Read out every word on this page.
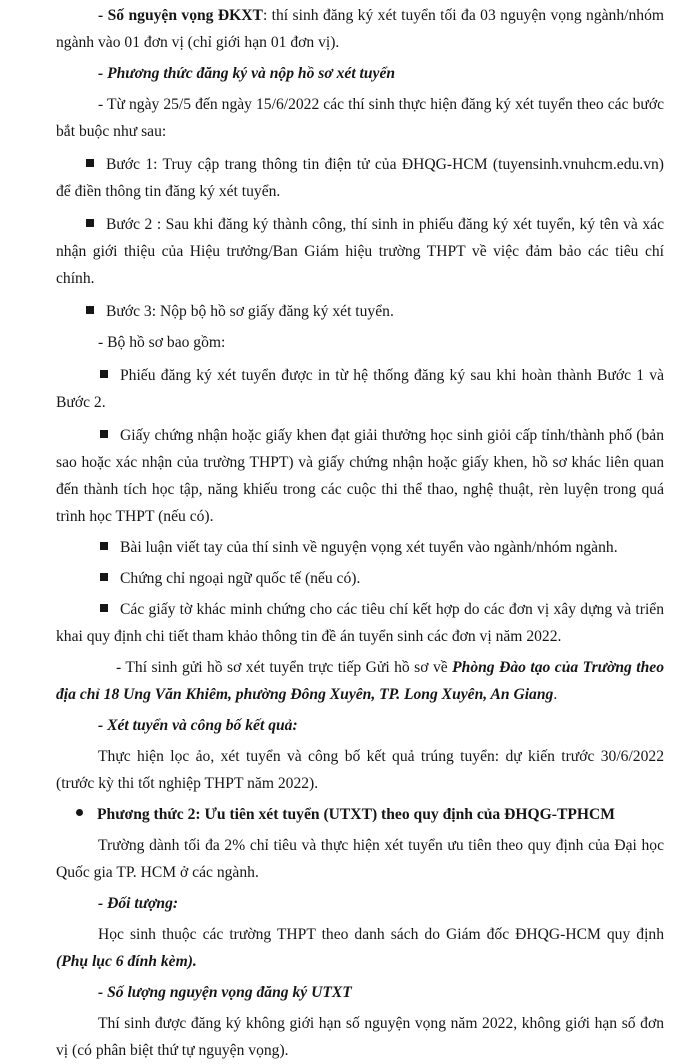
- Số nguyện vọng ĐKXT: thí sinh đăng ký xét tuyển tối đa 03 nguyện vọng ngành/nhóm ngành vào 01 đơn vị (chỉ giới hạn 01 đơn vị).

- Phương thức đăng ký và nộp hồ sơ xét tuyển

- Từ ngày 25/5 đến ngày 15/6/2022 các thí sinh thực hiện đăng ký xét tuyển theo các bước bắt buộc như sau:

Bước 1: Truy cập trang thông tin điện tử của ĐHQG-HCM (tuyensinh.vnuhcm.edu.vn) để điền thông tin đăng ký xét tuyển.

Bước 2 : Sau khi đăng ký thành công, thí sinh in phiếu đăng ký xét tuyển, ký tên và xác nhận giới thiệu của Hiệu trưởng/Ban Giám hiệu trường THPT về việc đảm bảo các tiêu chí chính.

Bước 3: Nộp bộ hồ sơ giấy đăng ký xét tuyển.

- Bộ hồ sơ bao gồm:

Phiếu đăng ký xét tuyển được in từ hệ thống đăng ký sau khi hoàn thành Bước 1 và Bước 2.

Giấy chứng nhận hoặc giấy khen đạt giải thưởng học sinh giỏi cấp tỉnh/thành phố (bản sao hoặc xác nhận của trường THPT) và giấy chứng nhận hoặc giấy khen, hồ sơ khác liên quan đến thành tích học tập, năng khiếu trong các cuộc thi thể thao, nghệ thuật, rèn luyện trong quá trình học THPT (nếu có).

Bài luận viết tay của thí sinh về nguyện vọng xét tuyển vào ngành/nhóm ngành.

Chứng chỉ ngoại ngữ quốc tế (nếu có).

Các giấy tờ khác minh chứng cho các tiêu chí kết hợp do các đơn vị xây dựng và triển khai quy định chi tiết tham khảo thông tin đề án tuyển sinh các đơn vị năm 2022.

- Thí sinh gửi hồ sơ xét tuyển trực tiếp Gửi hồ sơ về Phòng Đào tạo của Trường theo địa chỉ 18 Ung Văn Khiêm, phường Đông Xuyên, TP. Long Xuyên, An Giang.

- Xét tuyển và công bố kết quả:

Thực hiện lọc ảo, xét tuyển và công bố kết quả trúng tuyển: dự kiến trước 30/6/2022 (trước kỳ thi tốt nghiệp THPT năm 2022).

Phương thức 2: Ưu tiên xét tuyển (UTXT) theo quy định của ĐHQG-TPHCM

Trường dành tối đa 2% chỉ tiêu và thực hiện xét tuyển ưu tiên theo quy định của Đại học Quốc gia TP. HCM ở các ngành.

- Đối tượng:

Học sinh thuộc các trường THPT theo danh sách do Giám đốc ĐHQG-HCM quy định (Phụ lục 6 đính kèm).

- Số lượng nguyện vọng đăng ký UTXT

Thí sinh được đăng ký không giới hạn số nguyện vọng năm 2022, không giới hạn số đơn vị (có phân biệt thứ tự nguyện vọng).
